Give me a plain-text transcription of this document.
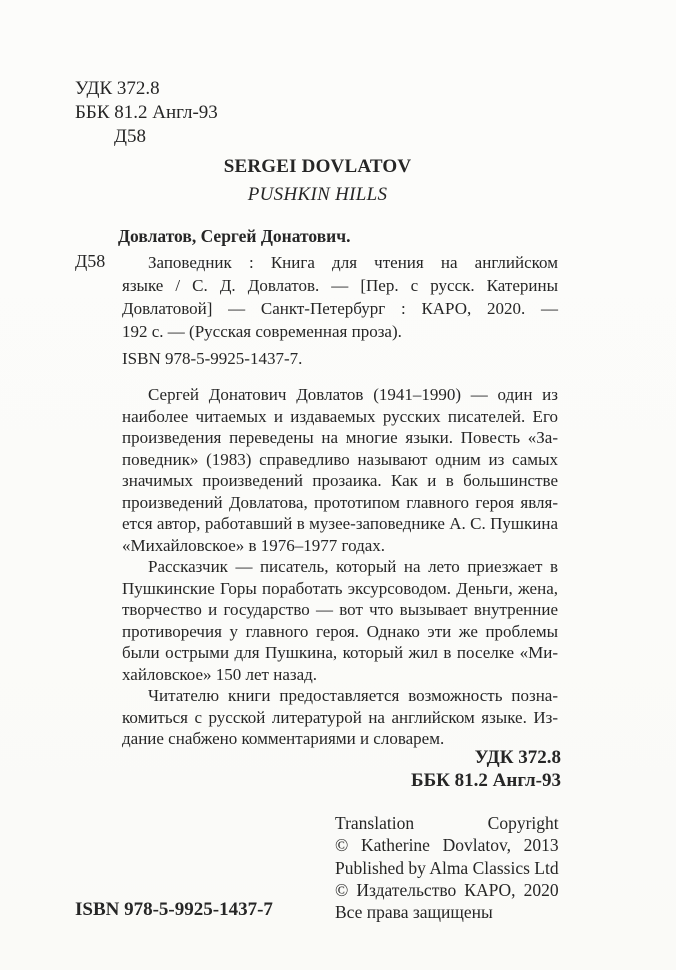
УДК 372.8
ББК 81.2 Англ-93
Д58
SERGEI DOVLATOV
PUSHKIN HILLS
Довлатов, Сергей Донатович.
Д58	Заповедник : Книга для чтения на английском
языке / С. Д. Довлатов. — [Пер. с русск. Катерины
Довлатовой] — Санкт-Петербург : КАРО, 2020. —
192 с. — (Русская современная проза).
ISBN 978-5-9925-1437-7.
Сергей Донатович Довлатов (1941–1990) — один из
наиболее читаемых и издаваемых русских писателей. Его
произведения переведены на многие языки. Повесть «За-
поведник» (1983) справедливо называют одним из самых
значимых произведений прозаика. Как и в большинстве
произведений Довлатова, прототипом главного героя явля-
ется автор, работавший в музее-заповеднике А. С. Пушкина
«Михайловское» в 1976–1977 годах.
Рассказчик — писатель, который на лето приезжает в
Пушкинские Горы поработать эксурсоводом. Деньги, жена,
творчество и государство — вот что вызывает внутренние
противоречия у главного героя. Однако эти же проблемы
были острыми для Пушкина, который жил в поселке «Ми-
хайловское» 150 лет назад.
Читателю книги предоставляется возможность позна-
комиться с русской литературой на английском языке. Из-
дание снабжено комментариями и словарем.
УДК 372.8
ББК 81.2 Англ-93
Translation Copyright
© Katherine Dovlatov, 2013
Published by Alma Classics Ltd
© Издательство КАРО, 2020
Все права защищены
ISBN 978-5-9925-1437-7
